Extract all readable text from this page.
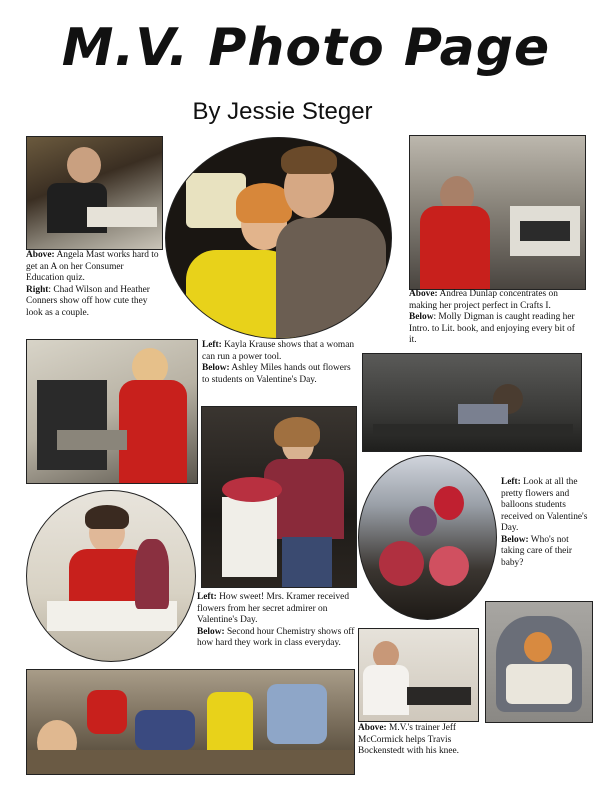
M.V. Photo Page
By Jessie Steger
Above: Angela Mast works hard to get an A on her Consumer Education quiz.
Right: Chad Wilson and Heather Conners show off how cute they look as a couple.
Above: Andrea Dunlap concentrates on making her project perfect in Crafts I.
Below: Molly Digman is caught reading her Intro. to Lit. book, and enjoying every bit of it.
Left: Kayla Krause shows that a woman can run a power tool.
Below: Ashley Miles hands out flowers to students on Valentine's Day.
Left: Look at all the pretty flowers and balloons students received on Valentine's Day.
Below: Who's not taking care of their baby?
Left: How sweet! Mrs. Kramer received flowers from her secret admirer on Valentine's Day.
Below: Second hour Chemistry shows off how hard they work in class everyday.
Above: M.V.'s trainer Jeff McCormick helps Travis Bockenstedt with his knee.
